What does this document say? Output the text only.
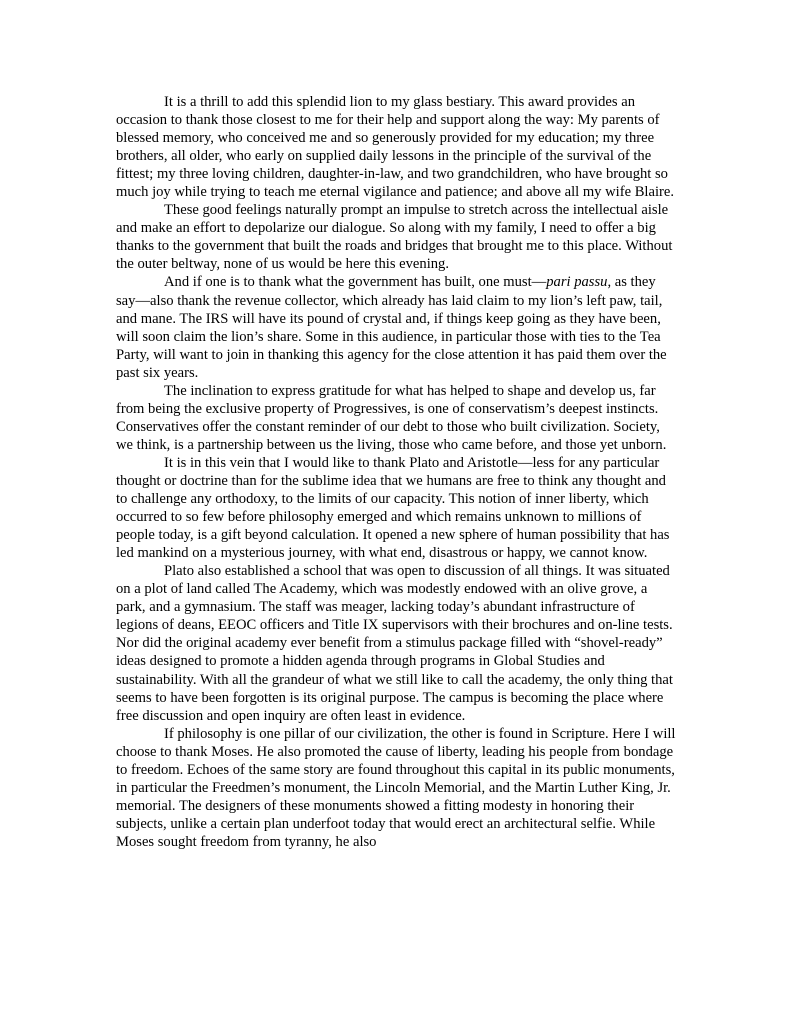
It is a thrill to add this splendid lion to my glass bestiary. This award provides an occasion to thank those closest to me for their help and support along the way: My parents of blessed memory, who conceived me and so generously provided for my education; my three brothers, all older, who early on supplied daily lessons in the principle of the survival of the fittest; my three loving children, daughter-in-law, and two grandchildren, who have brought so much joy while trying to teach me eternal vigilance and patience; and above all my wife Blaire.

These good feelings naturally prompt an impulse to stretch across the intellectual aisle and make an effort to depolarize our dialogue. So along with my family, I need to offer a big thanks to the government that built the roads and bridges that brought me to this place. Without the outer beltway, none of us would be here this evening.

And if one is to thank what the government has built, one must—pari passu, as they say—also thank the revenue collector, which already has laid claim to my lion’s left paw, tail, and mane. The IRS will have its pound of crystal and, if things keep going as they have been, will soon claim the lion’s share. Some in this audience, in particular those with ties to the Tea Party, will want to join in thanking this agency for the close attention it has paid them over the past six years.

The inclination to express gratitude for what has helped to shape and develop us, far from being the exclusive property of Progressives, is one of conservatism’s deepest instincts. Conservatives offer the constant reminder of our debt to those who built civilization. Society, we think, is a partnership between us the living, those who came before, and those yet unborn.

It is in this vein that I would like to thank Plato and Aristotle—less for any particular thought or doctrine than for the sublime idea that we humans are free to think any thought and to challenge any orthodoxy, to the limits of our capacity. This notion of inner liberty, which occurred to so few before philosophy emerged and which remains unknown to millions of people today, is a gift beyond calculation. It opened a new sphere of human possibility that has led mankind on a mysterious journey, with what end, disastrous or happy, we cannot know.

Plato also established a school that was open to discussion of all things. It was situated on a plot of land called The Academy, which was modestly endowed with an olive grove, a park, and a gymnasium. The staff was meager, lacking today’s abundant infrastructure of legions of deans, EEOC officers and Title IX supervisors with their brochures and on-line tests. Nor did the original academy ever benefit from a stimulus package filled with “shovel-ready” ideas designed to promote a hidden agenda through programs in Global Studies and sustainability. With all the grandeur of what we still like to call the academy, the only thing that seems to have been forgotten is its original purpose. The campus is becoming the place where free discussion and open inquiry are often least in evidence.

If philosophy is one pillar of our civilization, the other is found in Scripture. Here I will choose to thank Moses. He also promoted the cause of liberty, leading his people from bondage to freedom. Echoes of the same story are found throughout this capital in its public monuments, in particular the Freedmen’s monument, the Lincoln Memorial, and the Martin Luther King, Jr. memorial. The designers of these monuments showed a fitting modesty in honoring their subjects, unlike a certain plan underfoot today that would erect an architectural selfie. While Moses sought freedom from tyranny, he also
